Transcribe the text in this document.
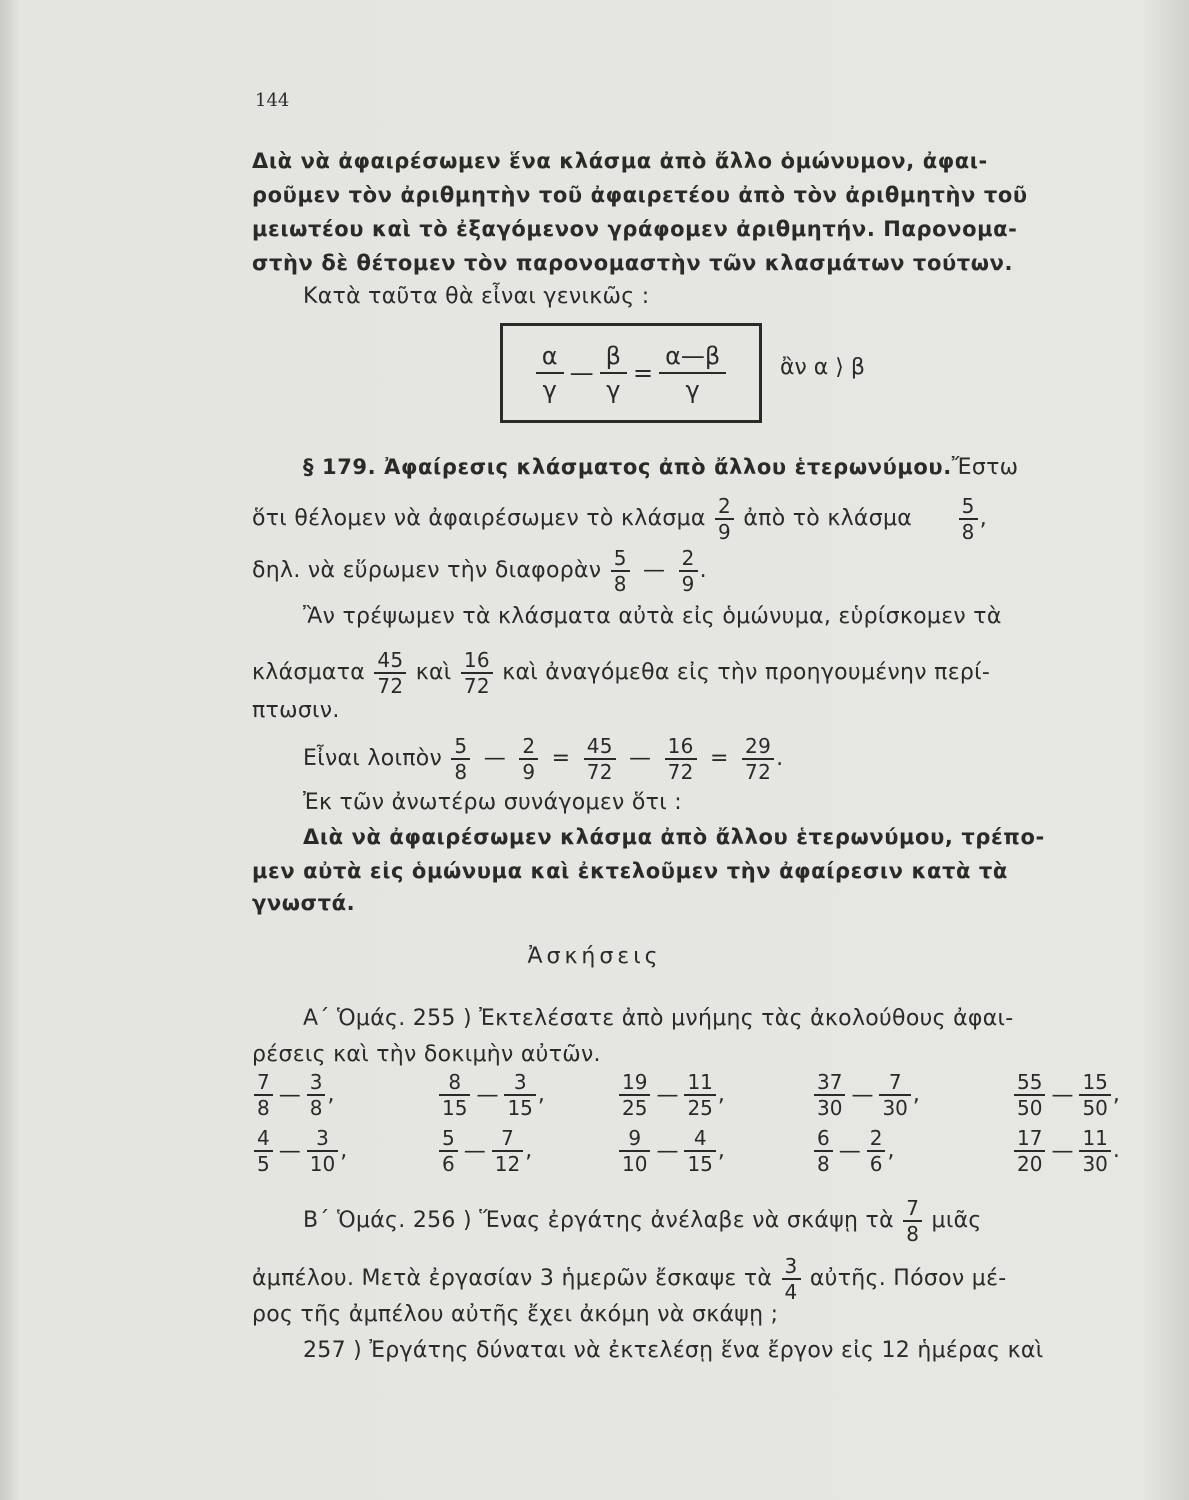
144
Διὰ νὰ ἀφαιρέσωμεν ἕνα κλάσμα ἀπὸ ἄλλο ὁμώνυμον, ἀφαι-
ροῦμεν τὸν ἀριθμητὴν τοῦ ἀφαιρετέου ἀπὸ τὸν ἀριθμητὴν τοῦ
μειωτέου καὶ τὸ ἐξαγόμενον γράφομεν ἀριθμητήν. Παρονομα-
στὴν δὲ θέτομεν τὸν παρονομαστὴν τῶν κλασμάτων τούτων.
Κατὰ ταῦτα θὰ εἶναι γενικῶς :
$\frac{\alpha}{\gamma}$ — $\frac{\beta}{\gamma} = \frac{\alpha—\beta}{\gamma}$ ἂν α ⟩ β
§ 179. Ἀφαίρεσις κλάσματος ἀπὸ ἄλλου ἑτερωνύμου.Ἔστω
ὅτι θέλομεν νὰ ἀφαιρέσωμεν τὸ κλάσμα $\frac{2}{9}$ ἀπὸ τὸ κλάσμα $\frac{5}{8}$ ,
δηλ. νὰ εὕρωμεν τὴν διαφορὰν $\frac{5}{8}$ — $\frac{2}{9}$ .
Ἂν τρέψωμεν τὰ κλάσματα αὐτὰ εἰς ὁμώνυμα, εὑρίσκομεν τὰ
κλάσματα $\frac{45}{72}$ καὶ $\frac{16}{72}$ καὶ ἀναγόμεθα εἰς τὴν προηγουμένην περί-
πτωσιν.
Εἶναι λοιπὸν $\frac{5}{8}$ — $\frac{2}{9} = \frac{45}{72}$ — $\frac{16}{72} = \frac{29}{72}$ .
Ἐκ τῶν ἀνωτέρω συνάγομεν ὅτι :
Διὰ νὰ ἀφαιρέσωμεν κλάσμα ἀπὸ ἄλλου ἑτερωνύμου, τρέπο-
μεν αὐτὰ εἰς ὁμώνυμα καὶ ἐκτελοῦμεν τὴν ἀφαίρεσιν κατὰ τὰ
γνωστά.
Ἀσκήσεις
Α΄ Ὁμάς. 255 ) Ἐκτελέσατε ἀπὸ μνήμης τὰς ἀκολούθους ἀφαι-
ρέσεις καὶ τὴν δοκιμὴν αὐτῶν.
$\frac{7}{8}$ — $\frac{3}{8}$ ,	$\frac{8}{15}$ — $\frac{3}{15}$ ,	$\frac{19}{25}$ — $\frac{11}{25}$ ,	$\frac{37}{30}$ — $\frac{7}{30}$ ,	$\frac{55}{50}$ — $\frac{15}{50}$ ,
$\frac{4}{5}$ — $\frac{3}{10}$ ,	$\frac{5}{6}$ — $\frac{7}{12}$ ,	$\frac{9}{10}$ — $\frac{4}{15}$ ,	$\frac{6}{8}$ — $\frac{2}{6}$ ,	$\frac{17}{20}$ — $\frac{11}{30}$ .
Β΄ Ὁμάς. 256 ) Ἕνας ἐργάτης ἀνέλαβε νὰ σκάψῃ τὰ $\frac{7}{8}$ μιᾶς
ἀμπέλου. Μετὰ ἐργασίαν 3 ἡμερῶν ἔσκαψε τὰ $\frac{3}{4}$ αὐτῆς. Πόσον μέ-
ρος τῆς ἀμπέλου αὐτῆς ἔχει ἀκόμη νὰ σκάψῃ ;
257 ) Ἐργάτης δύναται νὰ ἐκτελέσῃ ἕνα ἔργον εἰς 12 ἡμέρας καὶ
